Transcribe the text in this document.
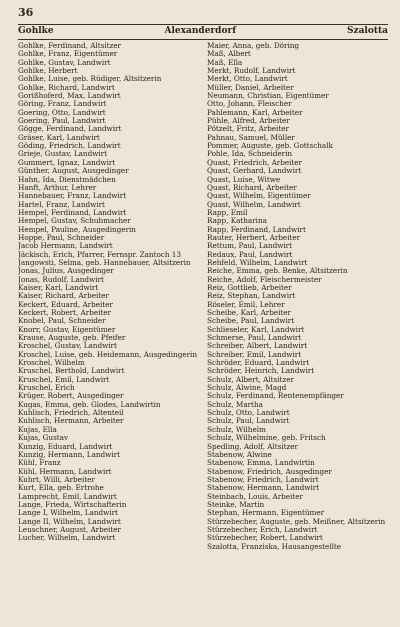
36
Gohlke	Alexanderdorf	Szalotta
Gohlke, Ferdinand, Altsitzer
Gohlke, Franz, Eigentümer
Gohlke, Gustav, Landwirt
Gohlke, Herbert
Gohlke, Luise, geb. Rüdiger, Altsitzerin
Gohlke, Richard, Landwirt
Gorißhoferd, Max, Landwirt
Göring, Franz, Landwirt
Goering, Otto, Landwirt
Goering, Paul, Landwirt
Gögge, Ferdinand, Landwirt
Gräser, Karl, Landwirt
Göding, Friedrich, Landwirt
Grieje, Gustav, Landwirt
Gummert, Ignaz, Landwirt
Günther, August, Ausgedinger
Hahn, Ida, Dienstmädchen
Hanft, Arthur, Lehrer
Hannebauer, Franz, Landwirt
Hartel, Franz, Landwirt
Hempel, Ferdinand, Landwirt
Hempel, Gustav, Schuhmacher
Hempel, Pauline, Ausgedingerin
Hoppe, Paul, Schneider
Jacob Hermann, Landwirt
Jäckisch, Erich, Pfarrer, Fernspr. Zantoch 13
Jangowsti, Selma, geb. Hannebauer, Altsitzerin
Jonas, Julius, Ausgedinger
Jonas, Rudolf, Landwirt
Kaiser, Karl, Landwirt
Kaiser, Richard, Arbeiter
Keckert, Eduard, Arbeiter
Keckert, Robert, Arbeiter
Knobel, Paul, Schneider
Knorr, Gustav, Eigentümer
Krause, Auguste, geb. Pfeifer
Kroschel, Gustav, Landwirt
Kroschel, Luise, geb. Heidemann, Ausgedingerin
Kroschel, Wilhelm
Kruschel, Berthold, Landwirt
Kruschel, Emil, Landwirt
Kruschel, Erich
Krüger, Robert, Ausgedinger
Kugas, Emma, geb. Glodes, Landwirtin
Kuhlisch, Friedrich, Altenteil
Kuhlisch, Hermann, Arbeiter
Kujas, Ella
Kujas, Gustav
Kunzig, Eduard, Landwirt
Kunzig, Hermann, Landwirt
Kühl, Franz
Kühl, Hermann, Landwirt
Kuhrt, Willi, Arbeiter
Kurt, Ella, geb. Ertrohe
Lamprecht, Emil, Landwirt
Lange, Frieda, Wirtschafterin
Lange I, Wilhelm, Landwirt
Lange II, Wilhelm, Landwirt
Leuschner, August, Arbeiter
Lucher, Wilhelm, Landwirt
Maier, Anna, geb. Döring
Maß, Albert
Maß, Ella
Merkt, Rudolf, Landwirt
Merkt, Otto, Landwirt
Müller, Daniel, Arbeiter
Neumann, Christian, Eigentümer
Otto, Johann, Fleischer
Pahlemann, Karl, Arbeiter
Pühle, Alfred, Arbeiter
Pötzelt, Fritz, Arbeiter
Pahnau, Samuel, Müller
Pommer, Auguste, geb. Gottschalk
Pohle, Ida, Schneiderin
Quast, Friedrich, Arbeiter
Quast, Gerhard, Landwirt
Quast, Luise, Witwe
Quast, Richard, Arbeiter
Quast, Wilhelm, Eigentümer
Quast, Wilhelm, Landwirt
Rapp, Emil
Rapp, Katharina
Rapp, Ferdinand, Landwirt
Rauter, Herbert, Arbeiter
Rettum, Paul, Landwirt
Redaux, Paul, Landwirt
Rehfeld, Wilhelm, Landwirt
Reiche, Emma, geb. Benke, Altsitzerin
Reiche, Adolf, Fleischermeister
Reiz, Gottlieb, Arbeiter
Reiz, Stephan, Landwirt
Röseler, Emil, Lehrer
Scheibe, Karl, Arbeiter
Scheibe, Paul, Landwirt
Schlieseler, Karl, Landwirt
Schmerse, Paul, Landwirt
Schreiber, Albert, Landwirt
Schreiber, Emil, Landwirt
Schröder, Eduard, Landwirt
Schröder, Heinrich, Landwirt
Schulz, Albert, Altsitzer
Schulz, Alwine, Magd
Schulz, Ferdinand, Rentenempfänger
Schulz, Martha
Schulz, Otto, Landwirt
Schulz, Paul, Landwirt
Schulz, Wilhelm
Schulz, Wilhelmine, geb. Fritsch
Spedling, Adolf, Altsitzer
Stabenow, Alwine
Stabenow, Emma, Landwirtin
Stabenow, Friedrich, Ausgedinger
Stabenow, Friedrich, Landwirt
Stabenow, Hermann, Landwirt
Steinbach, Louis, Arbeiter
Steinke, Martin
Stephan, Hermann, Eigentümer
Stürzebecher, Auguste, geb. Meißner, Altsitzerin
Stürzebecher, Erich, Landwirt
Stürzebecher, Robert, Landwirt
Szalotta, Franziska, Hausangestellte
